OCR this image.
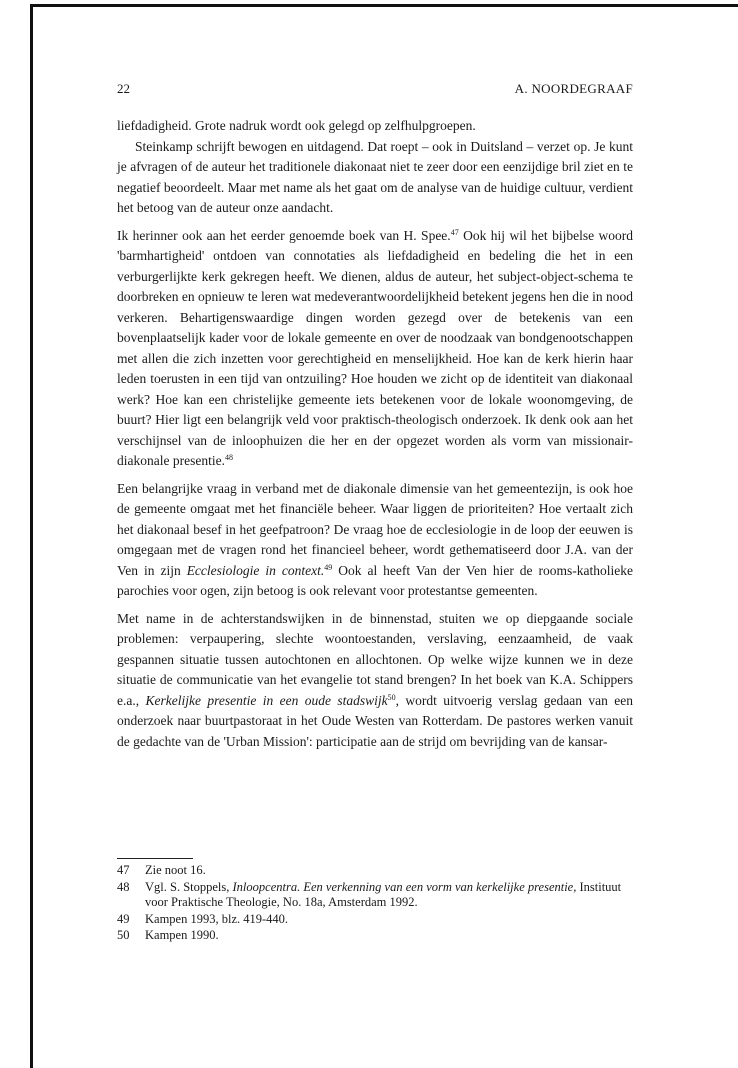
22	A. NOORDEGRAAF

liefdadigheid. Grote nadruk wordt ook gelegd op zelfhulpgroepen.

Steinkamp schrijft bewogen en uitdagend. Dat roept – ook in Duitsland – verzet op. Je kunt je afvragen of de auteur het traditionele diakonaat niet te zeer door een eenzijdige bril ziet en te negatief beoordeelt. Maar met name als het gaat om de analyse van de huidige cultuur, verdient het betoog van de auteur onze aandacht.

Ik herinner ook aan het eerder genoemde boek van H. Spee.$^{47}$ Ook hij wil het bijbelse woord 'barmhartigheid' ontdoen van connotaties als liefdadigheid en bedeling die het in een verburgerlijkte kerk gekregen heeft. We dienen, aldus de auteur, het subject-object-schema te doorbreken en opnieuw te leren wat medeverantwoordelijkheid betekent jegens hen die in nood verkeren. Behartigenswaardige dingen worden gezegd over de betekenis van een bovenplaatselijk kader voor de lokale gemeente en over de noodzaak van bondgenootschappen met allen die zich inzetten voor gerechtigheid en menselijkheid. Hoe kan de kerk hierin haar leden toerusten in een tijd van ontzuiling? Hoe houden we zicht op de identiteit van diakonaal werk? Hoe kan een christelijke gemeente iets betekenen voor de lokale woonomgeving, de buurt? Hier ligt een belangrijk veld voor praktisch-theologisch onderzoek. Ik denk ook aan het verschijnsel van de inloophuizen die her en der opgezet worden als vorm van missionair-diakonale presentie.$^{48}$

Een belangrijke vraag in verband met de diakonale dimensie van het gemeentezijn, is ook hoe de gemeente omgaat met het financiële beheer. Waar liggen de prioriteiten? Hoe vertaalt zich het diakonaal besef in het geefpatroon? De vraag hoe de ecclesiologie in de loop der eeuwen is omgegaan met de vragen rond het financieel beheer, wordt gethematiseerd door J.A. van der Ven in zijn Ecclesiologie in context.$^{49}$ Ook al heeft Van der Ven hier de rooms-katholieke parochies voor ogen, zijn betoog is ook relevant voor protestantse gemeenten.

Met name in de achterstandswijken in de binnenstad, stuiten we op diepgaande sociale problemen: verpaupering, slechte woontoestanden, verslaving, eenzaamheid, de vaak gespannen situatie tussen autochtonen en allochtonen. Op welke wijze kunnen we in deze situatie de communicatie van het evangelie tot stand brengen? In het boek van K.A. Schippers e.a., Kerkelijke presentie in een oude stadswijk$^{50}$, wordt uitvoerig verslag gedaan van een onderzoek naar buurtpastoraat in het Oude Westen van Rotterdam. De pastores werken vanuit de gedachte van de 'Urban Mission': participatie aan de strijd om bevrijding van de kansar-

47	Zie noot 16.
48	Vgl. S. Stoppels, Inloopcentra. Een verkenning van een vorm van kerkelijke presentie, Instituut voor Praktische Theologie, No. 18a, Amsterdam 1992.
49	Kampen 1993, blz. 419-440.
50	Kampen 1990.
